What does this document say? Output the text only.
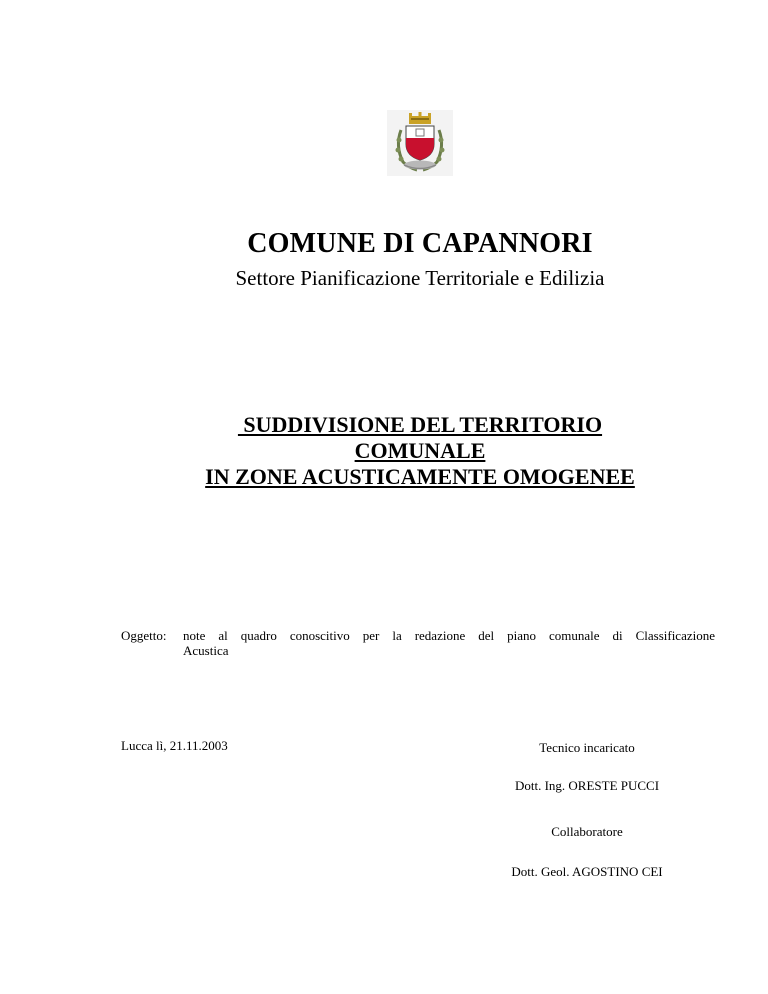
COMUNE DI CAPANNORI

Settore Pianificazione Territoriale e Edilizia

SUDDIVISIONE DEL TERRITORIO
COMUNALE
IN ZONE ACUSTICAMENTE OMOGENEE
Oggetto: note al quadro conoscitivo per la redazione del piano comunale di Classificazione
Acustica
Lucca lì, 21.11.2003	Tecnico incaricato
Dott. Ing. ORESTE PUCCI
Collaboratore
Dott. Geol. AGOSTINO CEI
